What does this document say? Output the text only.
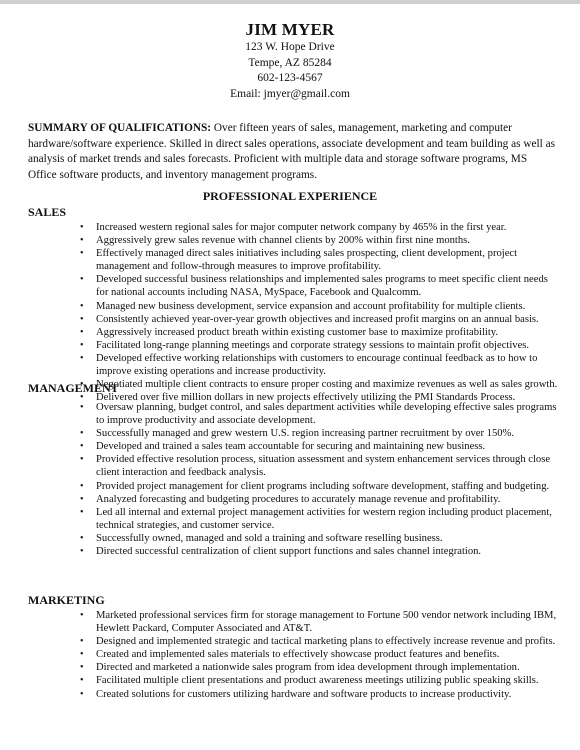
JIM MYER
123 W. Hope Drive
Tempe, AZ 85284
602-123-4567
Email: jmyer@gmail.com
SUMMARY OF QUALIFICATIONS: Over fifteen years of sales, management, marketing and computer hardware/software experience. Skilled in direct sales operations, associate development and team building as well as analysis of market trends and sales forecasts. Proficient with multiple data and storage software programs, MS Office software products, and inventory management programs.
PROFESSIONAL EXPERIENCE
SALES
• Increased western regional sales for major computer network company by 465% in the first year.
• Aggressively grew sales revenue with channel clients by 200% within first nine months.
• Effectively managed direct sales initiatives including sales prospecting, client development, project management and follow-through measures to improve profitability.
• Developed successful business relationships and implemented sales programs to meet specific client needs for national accounts including NASA, MySpace, Facebook and Qualcomm.
• Managed new business development, service expansion and account profitability for multiple clients.
• Consistently achieved year-over-year growth objectives and increased profit margins on an annual basis.
• Aggressively increased product breath within existing customer base to maximize profitability.
• Facilitated long-range planning meetings and corporate strategy sessions to maintain profit objectives.
• Developed effective working relationships with customers to encourage continual feedback as to how to improve existing operations and increase productivity.
• Negotiated multiple client contracts to ensure proper costing and maximize revenues as well as sales growth.
• Delivered over five million dollars in new projects effectively utilizing the PMI Standards Process.
MANAGEMENT
• Oversaw planning, budget control, and sales department activities while developing effective sales programs to improve productivity and associate development.
• Successfully managed and grew western U.S. region increasing partner recruitment by over 150%.
• Developed and trained a sales team accountable for securing and maintaining new business.
• Provided effective resolution process, situation assessment and system enhancement services through close client interaction and feedback analysis.
• Provided project management for client programs including software development, staffing and budgeting.
• Analyzed forecasting and budgeting procedures to accurately manage revenue and profitability.
• Led all internal and external project management activities for western region including product placement, technical strategies, and customer service.
• Successfully owned, managed and sold a training and software reselling business.
• Directed successful centralization of client support functions and sales channel integration.
MARKETING
• Marketed professional services firm for storage management to Fortune 500 vendor network including IBM, Hewlett Packard, Computer Associated and AT&T.
• Designed and implemented strategic and tactical marketing plans to effectively increase revenue and profits.
• Created and implemented sales materials to effectively showcase product features and benefits.
• Directed and marketed a nationwide sales program from idea development through implementation.
• Facilitated multiple client presentations and product awareness meetings utilizing public speaking skills.
• Created solutions for customers utilizing hardware and software products to increase productivity.
